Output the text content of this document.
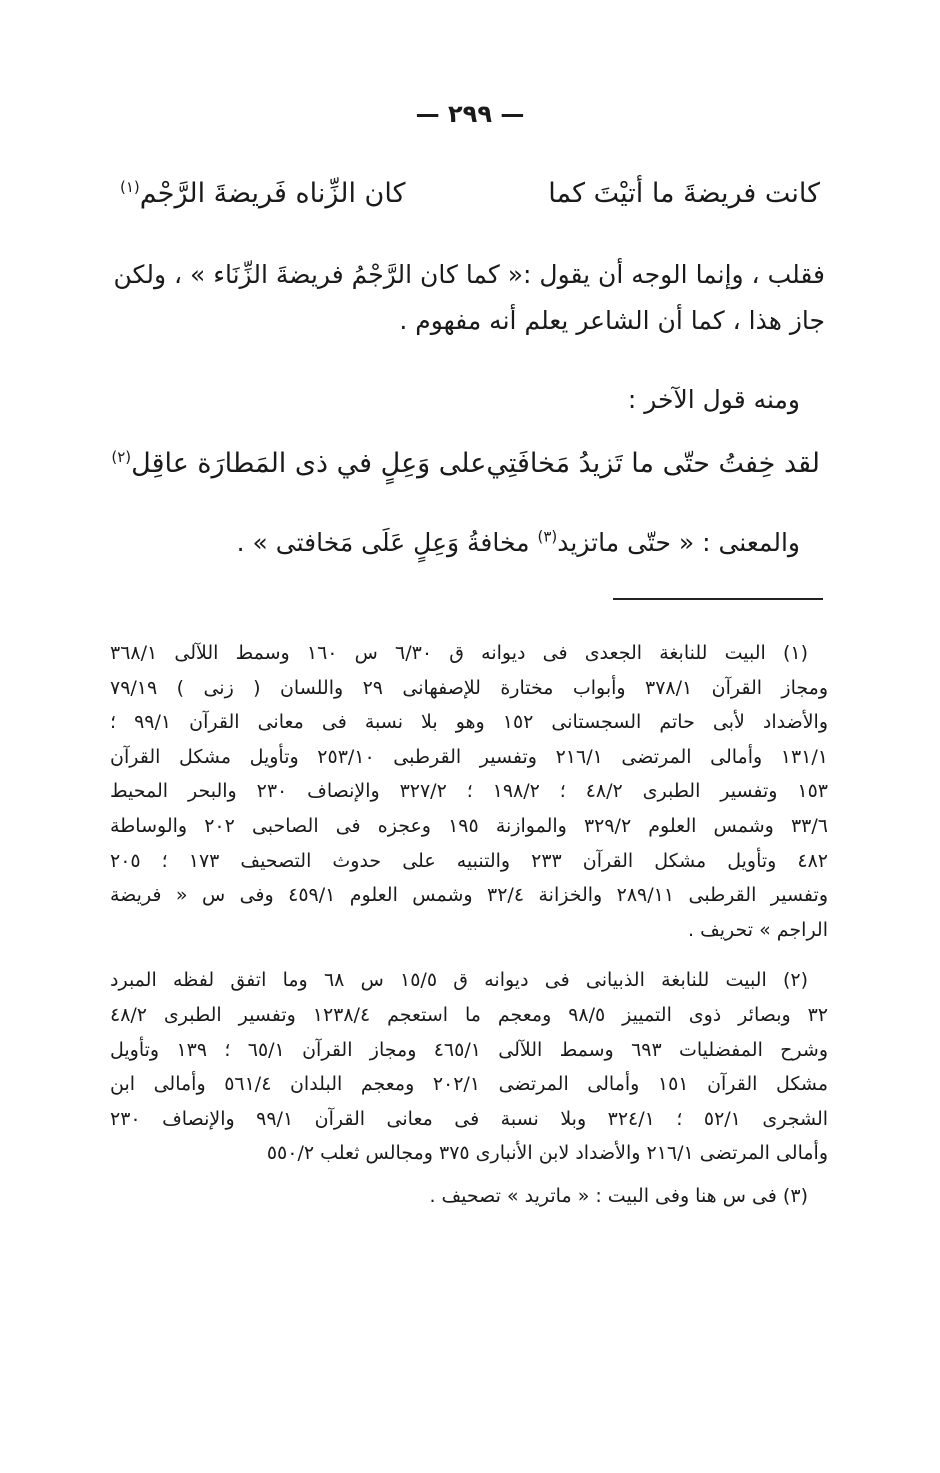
— ٢٩٩ —
كانت فريضةَ ما أتيْتَ كما
كان الزِّناه فَريضةَ الرَّجْم$^{(١)}$
فقلب ، وإنما الوجه أن يقول :« كما كان الرَّجْمُ فريضةَ الزِّنَاء » ، ولكن
جاز هذا ، كما أن الشاعر يعلم أنه مفهوم .
ومنه قول الآخر :
لقد خِفتُ حتّى ما تَزيدُ مَخافَتِي
على وَعِلٍ في ذى المَطارَة عاقِل$^{(٢)}$
والمعنى : « حتّى ماتزيد$^{(٣)}$ مخافةُ وَعِلٍ عَلَى مَخافتى » .
(١) البيت للنابغة الجعدى فى ديوانه ق ٦/٣٠ س ١٦٠ وسمط اللآلى ٣٦٨/١
ومجاز القرآن ٣٧٨/١ وأبواب مختارة للإصفهانى ٢٩ واللسان ( زنى ) ٧٩/١٩
والأضداد لأبى حاتم السجستانى ١٥٢ وهو بلا نسبة فى معانى القرآن ٩٩/١ ؛
١٣١/١ وأمالى المرتضى ٢١٦/١ وتفسير القرطبى ٢٥٣/١٠ وتأويل مشكل القرآن
١٥٣ وتفسير الطبرى ٤٨/٢ ؛ ١٩٨/٢ ؛ ٣٢٧/٢ والإنصاف ٢٣٠ والبحر المحيط
٣٣/٦ وشمس العلوم ٣٢٩/٢ والموازنة ١٩٥ وعجزه فى الصاحبى ٢٠٢ والوساطة
٤٨٢ وتأويل مشكل القرآن ٢٣٣ والتنبيه على حدوث التصحيف ١٧٣ ؛ ٢٠٥
وتفسير القرطبى ٢٨٩/١١ والخزانة ٣٢/٤ وشمس العلوم ٤٥٩/١ وفى س « فريضة
الراجم » تحريف .
(٢) البيت للنابغة الذبيانى فى ديوانه ق ١٥/٥ س ٦٨ وما اتفق لفظه المبرد
٣٢ وبصائر ذوى التمييز ٩٨/٥ ومعجم ما استعجم ١٢٣٨/٤ وتفسير الطبرى ٤٨/٢
وشرح المفضليات ٦٩٣ وسمط اللآلى ٤٦٥/١ ومجاز القرآن ٦٥/١ ؛ ١٣٩ وتأويل
مشكل القرآن ١٥١ وأمالى المرتضى ٢٠٢/١ ومعجم البلدان ٥٦١/٤ وأمالى ابن
الشجرى ٥٢/١ ؛ ٣٢٤/١ وبلا نسبة فى معانى القرآن ٩٩/١ والإنصاف ٢٣٠
وأمالى المرتضى ٢١٦/١ والأضداد لابن الأنبارى ٣٧٥ ومجالس ثعلب ٥٥٠/٢
(٣) فى س هنا وفى البيت : « ماتريد » تصحيف .
